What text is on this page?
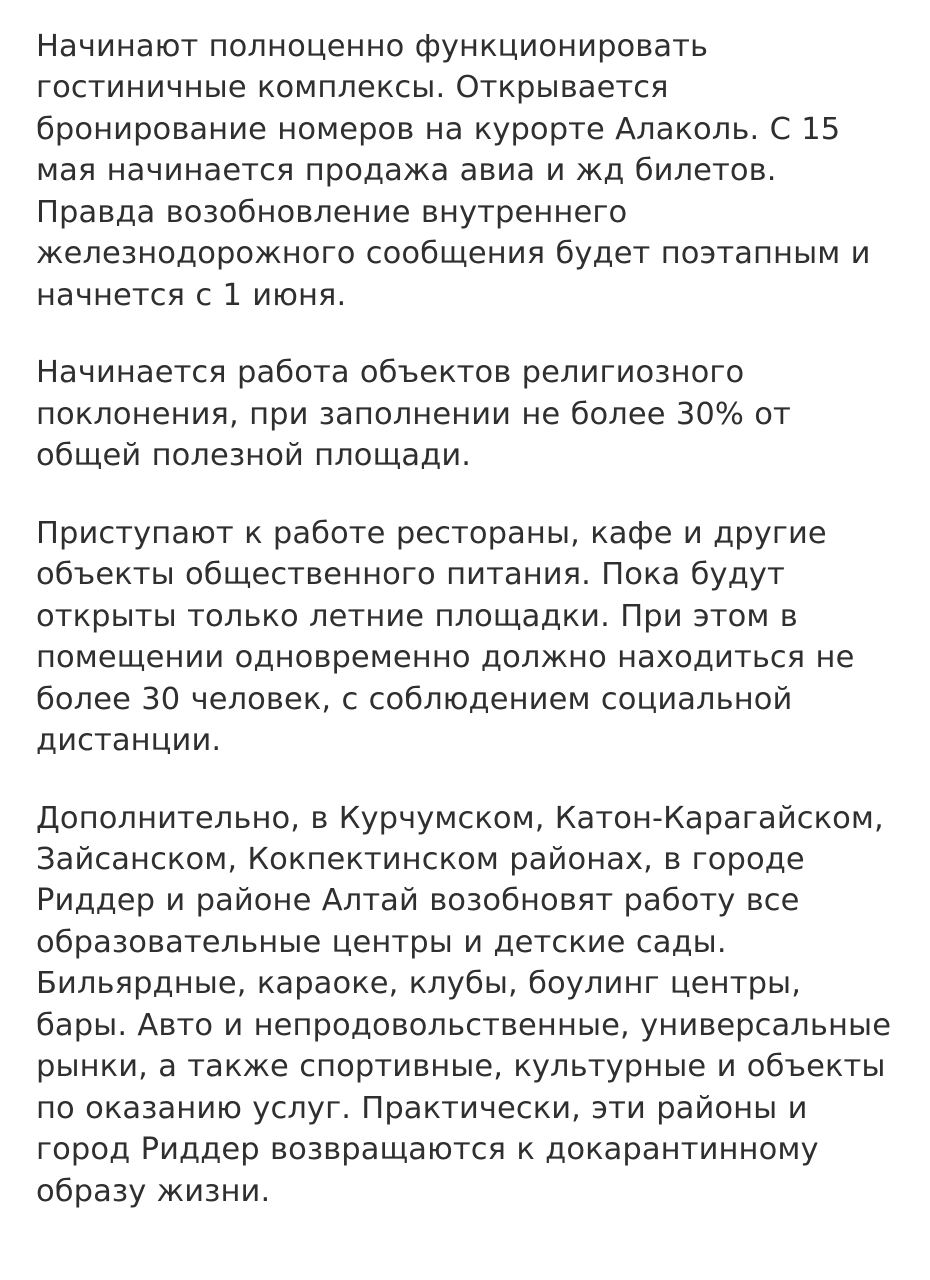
Начинают полноценно функционировать гостиничные комплексы. Открывается бронирование номеров на курорте Алаколь. С 15 мая начинается продажа авиа и жд билетов. Правда возобновление внутреннего железнодорожного сообщения будет поэтапным и начнется с 1 июня.

Начинается работа объектов религиозного поклонения, при заполнении не более 30% от общей полезной площади.

Приступают к работе рестораны, кафе и другие объекты общественного питания. Пока будут открыты только летние площадки. При этом в помещении одновременно должно находиться не более 30 человек, с соблюдением социальной дистанции.

Дополнительно, в Курчумском, Катон-Карагайском, Зайсанском, Кокпектинском районах, в городе Риддер и районе Алтай возобновят работу все образовательные центры и детские сады. Бильярдные, караоке, клубы, боулинг центры, бары. Авто и непродовольственные, универсальные рынки, а также спортивные, культурные и объекты по оказанию услуг. Практически, эти районы и город Риддер возвращаются к докарантинному образу жизни.
